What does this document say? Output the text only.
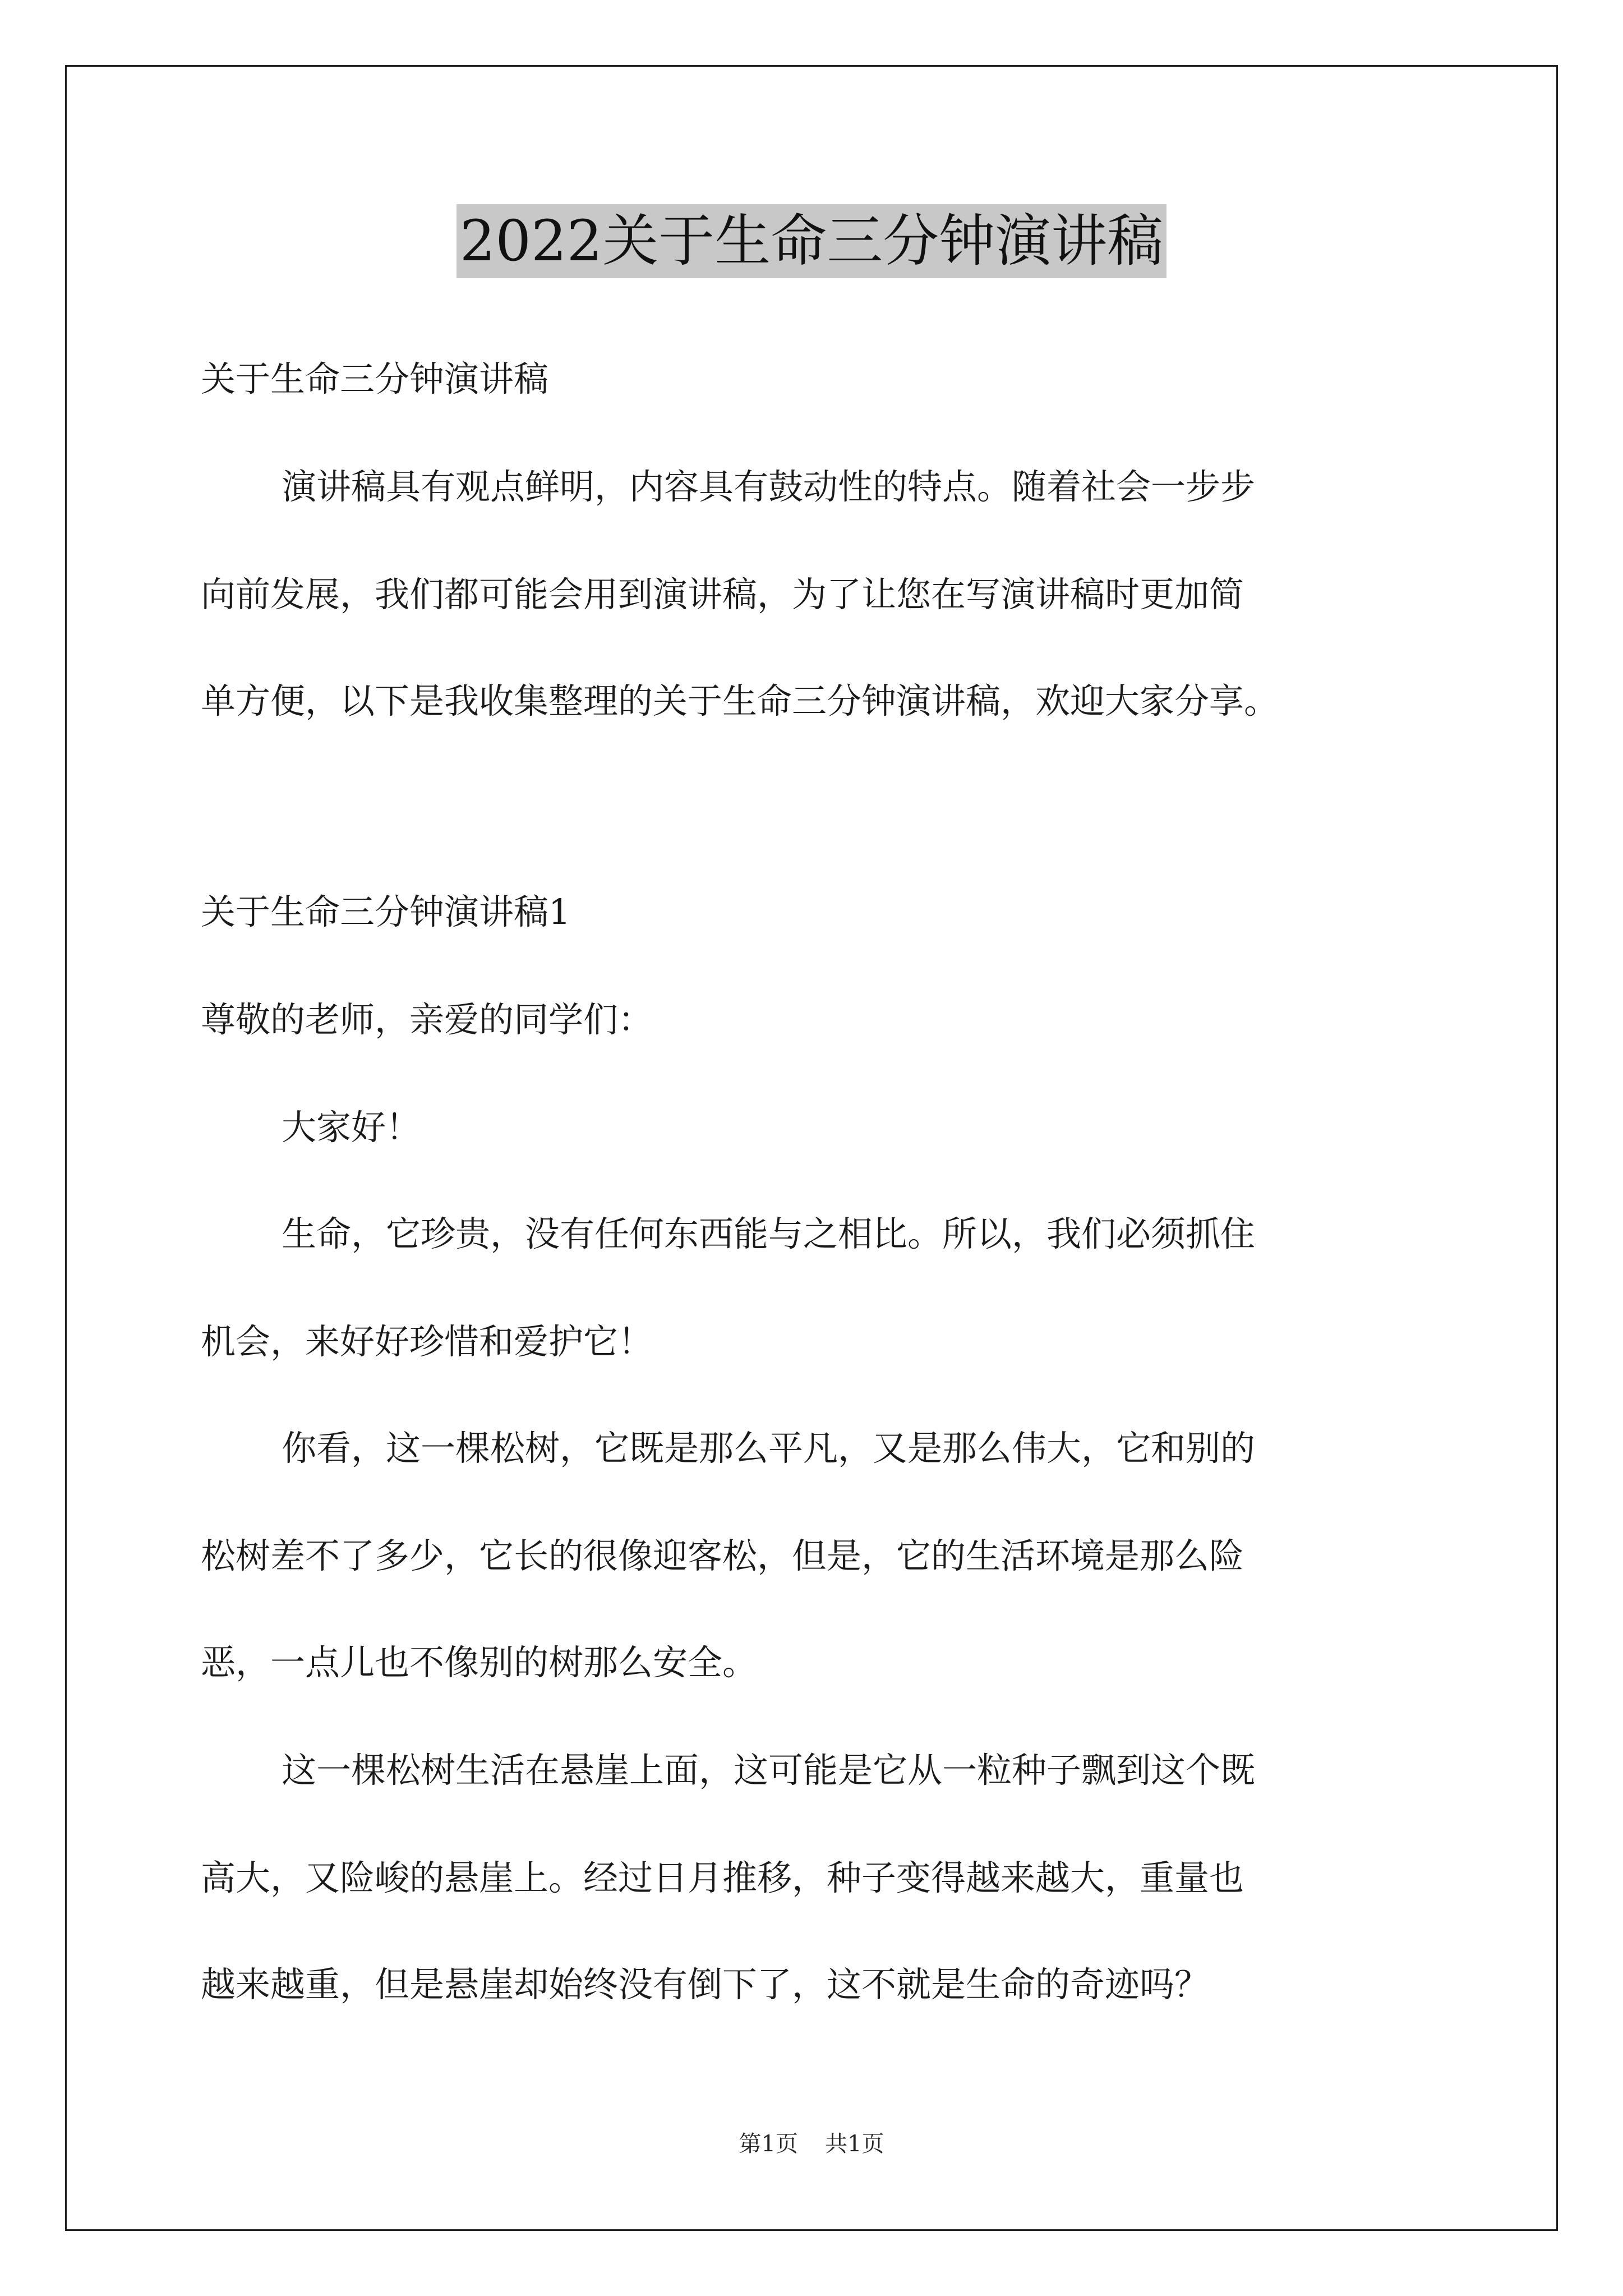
2022关于生命三分钟演讲稿
关于生命三分钟演讲稿
演讲稿具有观点鲜明，内容具有鼓动性的特点。随着社会一步步
向前发展，我们都可能会用到演讲稿，为了让您在写演讲稿时更加简
单方便，以下是我收集整理的关于生命三分钟演讲稿，欢迎大家分享。
关于生命三分钟演讲稿1
尊敬的老师，亲爱的同学们：
大家好！
生命，它珍贵，没有任何东西能与之相比。所以，我们必须抓住
机会，来好好珍惜和爱护它！
你看，这一棵松树，它既是那么平凡，又是那么伟大，它和别的
松树差不了多少，它长的很像迎客松，但是，它的生活环境是那么险
恶，一点儿也不像别的树那么安全。
这一棵松树生活在悬崖上面，这可能是它从一粒种子飘到这个既
高大，又险峻的悬崖上。经过日月推移，种子变得越来越大，重量也
越来越重，但是悬崖却始终没有倒下了，这不就是生命的奇迹吗？
第1页 共1页
